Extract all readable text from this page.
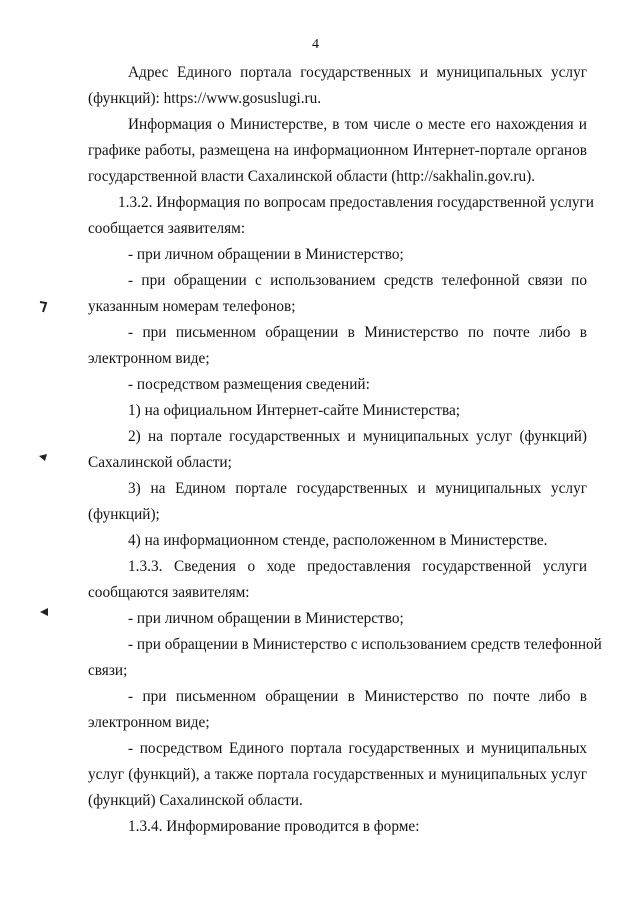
4
Адрес Единого портала государственных и муниципальных услуг
(функций): https://www.gosuslugi.ru.
Информация о Министерстве, в том числе о месте его нахождения и
графике работы, размещена на информационном Интернет-портале органов
государственной власти Сахалинской области (http://sakhalin.gov.ru).
1.3.2. Информация по вопросам предоставления государственной услуги
сообщается заявителям:
- при личном обращении в Министерство;
- при обращении с использованием средств телефонной связи по
указанным номерам телефонов;
- при письменном обращении в Министерство по почте либо в
электронном виде;
- посредством размещения сведений:
1) на официальном Интернет-сайте Министерства;
2) на портале государственных и муниципальных услуг (функций)
Сахалинской области;
3) на Едином портале государственных и муниципальных услуг
(функций);
4) на информационном стенде, расположенном в Министерстве.
1.3.3. Сведения о ходе предоставления государственной услуги
сообщаются заявителям:
- при личном обращении в Министерство;
- при обращении в Министерство с использованием средств телефонной
связи;
- при письменном обращении в Министерство по почте либо в
электронном виде;
- посредством Единого портала государственных и муниципальных
услуг (функций), а также портала государственных и муниципальных услуг
(функций) Сахалинской области.
1.3.4. Информирование проводится в форме:
